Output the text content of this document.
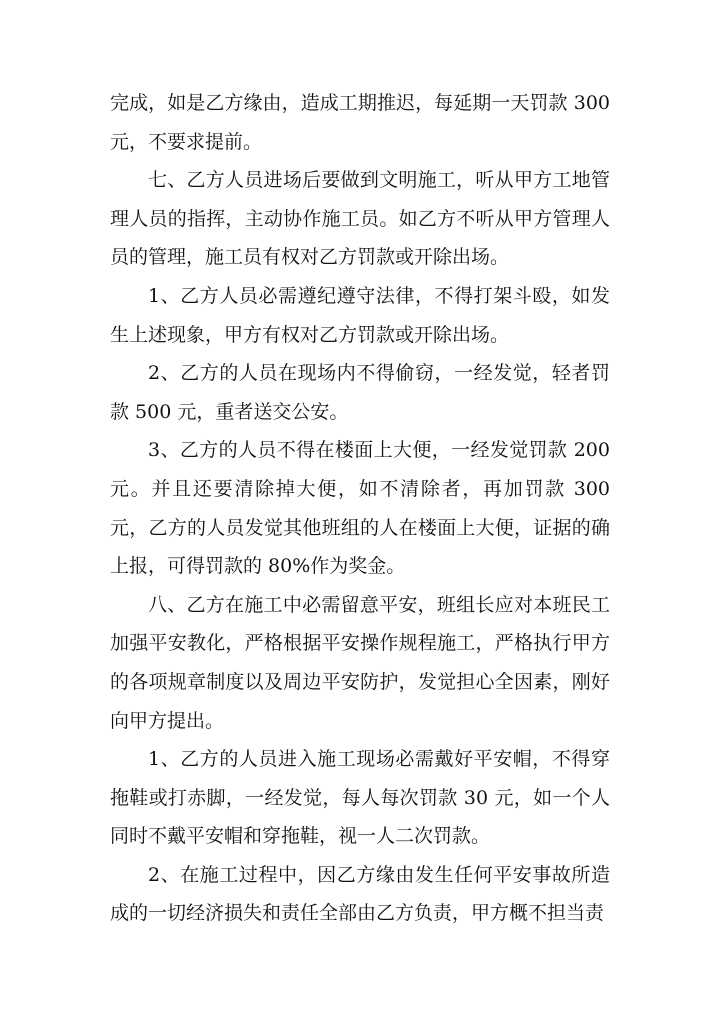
完成，如是乙方缘由，造成工期推迟，每延期一天罚款 300 元，不要求提前。

七、乙方人员进场后要做到文明施工，听从甲方工地管理人员的指挥，主动协作施工员。如乙方不听从甲方管理人员的管理，施工员有权对乙方罚款或开除出场。

1、乙方人员必需遵纪遵守法律，不得打架斗殴，如发生上述现象，甲方有权对乙方罚款或开除出场。

2、乙方的人员在现场内不得偷窃，一经发觉，轻者罚款 500 元，重者送交公安。

3、乙方的人员不得在楼面上大便，一经发觉罚款 200 元。并且还要清除掉大便，如不清除者，再加罚款 300 元，乙方的人员发觉其他班组的人在楼面上大便，证据的确上报，可得罚款的 80%作为奖金。

八、乙方在施工中必需留意平安，班组长应对本班民工加强平安教化，严格根据平安操作规程施工，严格执行甲方的各项规章制度以及周边平安防护，发觉担心全因素，刚好向甲方提出。

1、乙方的人员进入施工现场必需戴好平安帽，不得穿拖鞋或打赤脚，一经发觉，每人每次罚款 30 元，如一个人同时不戴平安帽和穿拖鞋，视一人二次罚款。

2、在施工过程中，因乙方缘由发生任何平安事故所造成的一切经济损失和责任全部由乙方负责，甲方概不担当责
